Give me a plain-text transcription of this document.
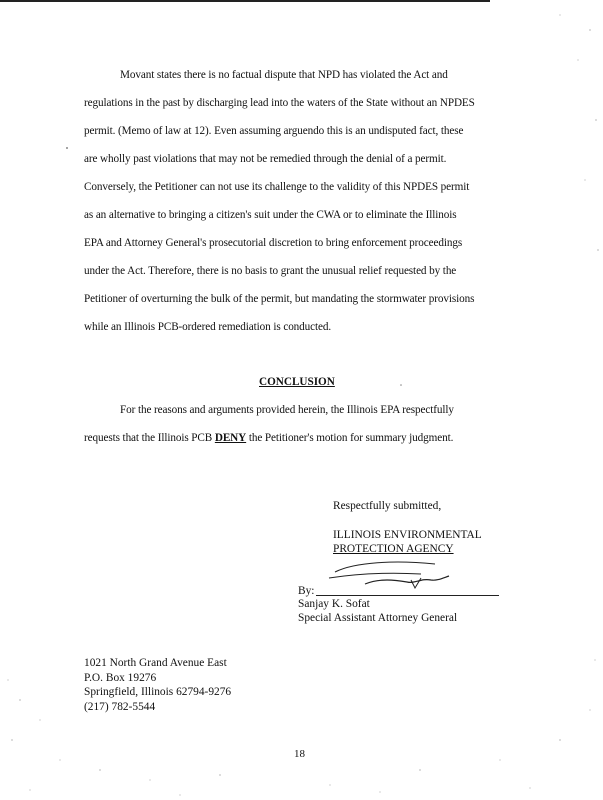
Movant states there is no factual dispute that NPD has violated the Act and
regulations in the past by discharging lead into the waters of the State without an NPDES
permit. (Memo of law at 12). Even assuming arguendo this is an undisputed fact, these
are wholly past violations that may not be remedied through the denial of a permit.
Conversely, the Petitioner can not use its challenge to the validity of this NPDES permit
as an alternative to bringing a citizen's suit under the CWA or to eliminate the Illinois
EPA and Attorney General's prosecutorial discretion to bring enforcement proceedings
under the Act. Therefore, there is no basis to grant the unusual relief requested by the
Petitioner of overturning the bulk of the permit, but mandating the stormwater provisions
while an Illinois PCB-ordered remediation is conducted.
CONCLUSION
For the reasons and arguments provided herein, the Illinois EPA respectfully
requests that the Illinois PCB DENY the Petitioner's motion for summary judgment.
Respectfully submitted,
ILLINOIS ENVIRONMENTAL
PROTECTION AGENCY
By:
Sanjay K. Sofat
Special Assistant Attorney General
1021 North Grand Avenue East
P.O. Box 19276
Springfield, Illinois 62794-9276
(217) 782-5544
18
